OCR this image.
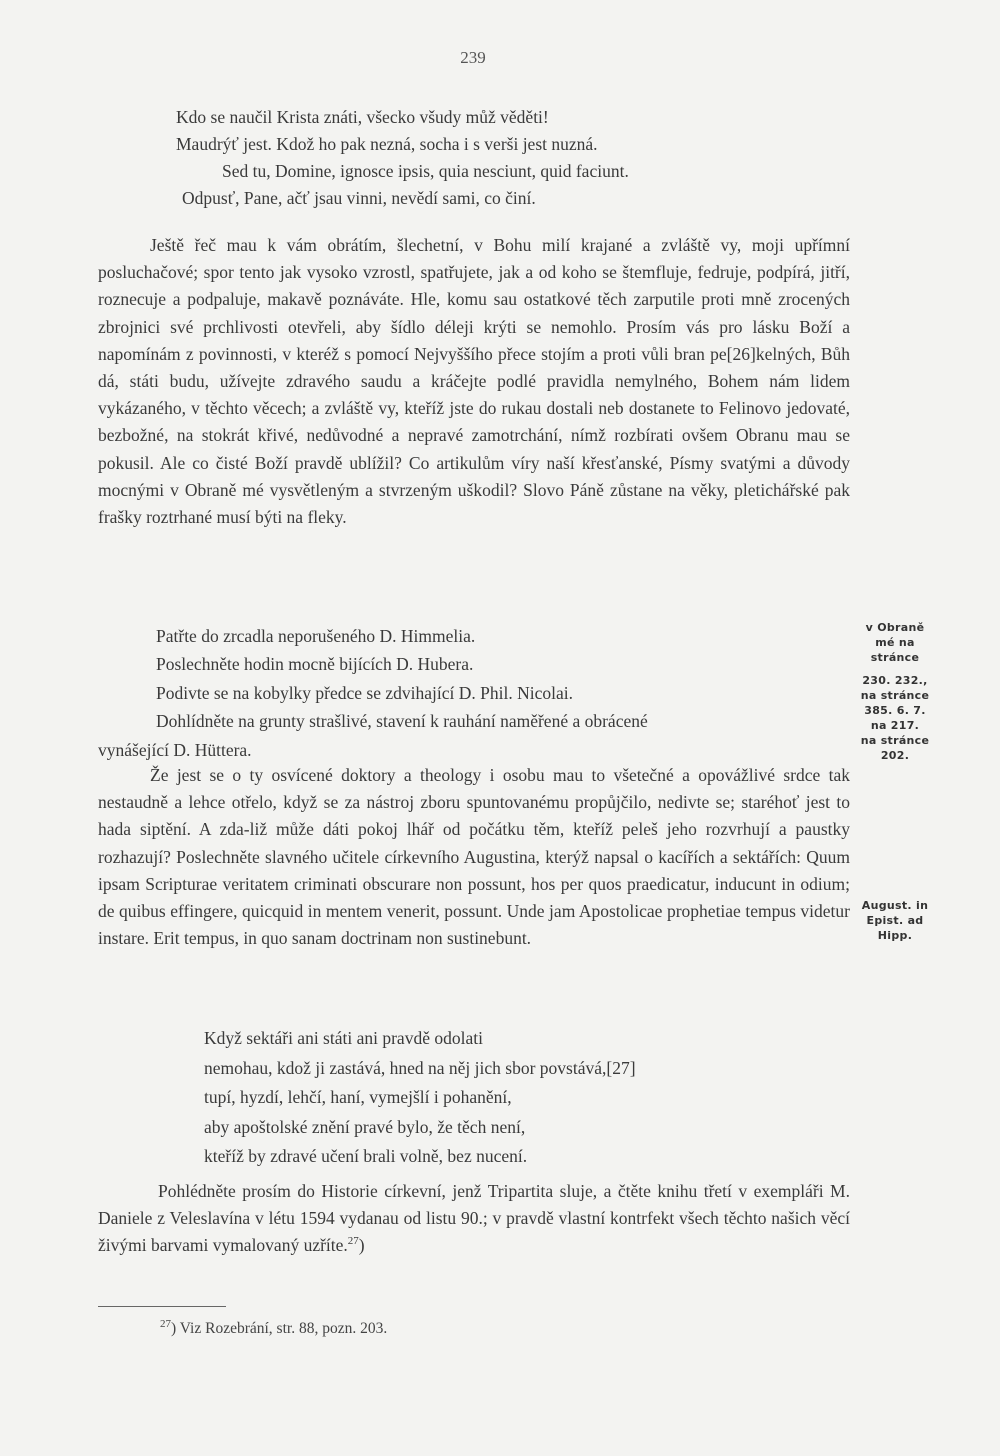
239
Kdo se naučil Krista znáti, všecko všudy můž věděti!
Maudrýť jest. Kdož ho pak nezná, socha i s verši jest nuzná.
Sed tu, Domine, ignosce ipsis, quia nesciunt, quid faciunt.
Odpusť, Pane, ačť jsau vinni, nevědí sami, co činí.
Ještě řeč mau k vám obrátím, šlechetní, v Bohu milí krajané a zvláště vy, moji upřímní posluchačové; spor tento jak vysoko vzrostl, spatřujete, jak a od koho se štemfluje, fedruje, podpírá, jitří, roznecuje a podpaluje, makavě poznáváte. Hle, komu sau ostatkové těch zarputile proti mně zrocených zbrojnici své prchlivosti otevřeli, aby šídlo déleji krýti se nemohlo. Prosím vás pro lásku Boží a napomínám z povinnosti, v kteréž s pomocí Nejvyššího přece stojím a proti vůli bran pe[26]kelných, Bůh dá, státi budu, užívejte zdravého saudu a kráčejte podlé pravidla nemylného, Bohem nám lidem vykázaného, v těchto věcech; a zvláště vy, kteříž jste do rukau dostali neb dostanete to Felinovo jedovaté, bezbožné, na stokrát křivé, nedůvodné a nepravé zamotrchání, nímž rozbírati ovšem Obranu mau se pokusil. Ale co čisté Boží pravdě ublížil? Co artikulům víry naší křesťanské, Písmy svatými a důvody mocnými v Obraně mé vysvětleným a stvrzeným uškodil? Slovo Páně zůstane na věky, pletichářské pak frašky roztrhané musí býti na fleky.
Patřte do zrcadla neporušeného D. Himmelia.
Poslechněte hodin mocně bijících D. Hubera.
Podivte se na kobylky předce se zdvihající D. Phil. Nicolai.
Dohlídněte na grunty strašlivé, stavení k rauhání naměřené a obrácené
vynášející D. Hüttera.
Že jest se o ty osvícené doktory a theology i osobu mau to všetečné a opovážlivé srdce tak nestaudně a lehce otřelo, když se za nástroj zboru spuntovanému propůjčilo, nedivte se; staréhoť jest to hada siptění. A zda-liž může dáti pokoj lhář od počátku těm, kteříž peleš jeho rozvrhují a paustky rozhazují? Poslechněte slavného učitele církevního Augustina, kterýž napsal o kacířích a sektářích: Quum ipsam Scripturae veritatem criminati obscurare non possunt, hos per quos praedicatur, inducunt in odium; de quibus effingere, quicquid in mentem venerit, possunt. Unde jam Apostolicae prophetiae tempus videtur instare. Erit tempus, in quo sanam doctrinam non sustinebunt.
Když sektáři ani státi ani pravdě odolati
nemohau, kdož ji zastává, hned na něj jich sbor povstává,[27]
tupí, hyzdí, lehčí, haní, vymejšlí i pohanění,
aby apoštolské znění pravé bylo, že těch není,
kteříž by zdravé učení brali volně, bez nucení.
Pohlédněte prosím do Historie církevní, jenž Tripartita sluje, a čtěte knihu třetí v exempláři M. Daniele z Veleslavína v létu 1594 vydanau od listu 90.; v pravdě vlastní kontrfekt všech těchto našich věcí živými barvami vymalovaný uzříte.$^{27}$)
$^{27}$) Viz Rozebrání, str. 88, pozn. 203.
v Obraně
mé na
stránce
230. 232.,
na stránce
385. 6. 7.
na 217.
na stránce
202.
August. in
Epist. ad
Hipp.
